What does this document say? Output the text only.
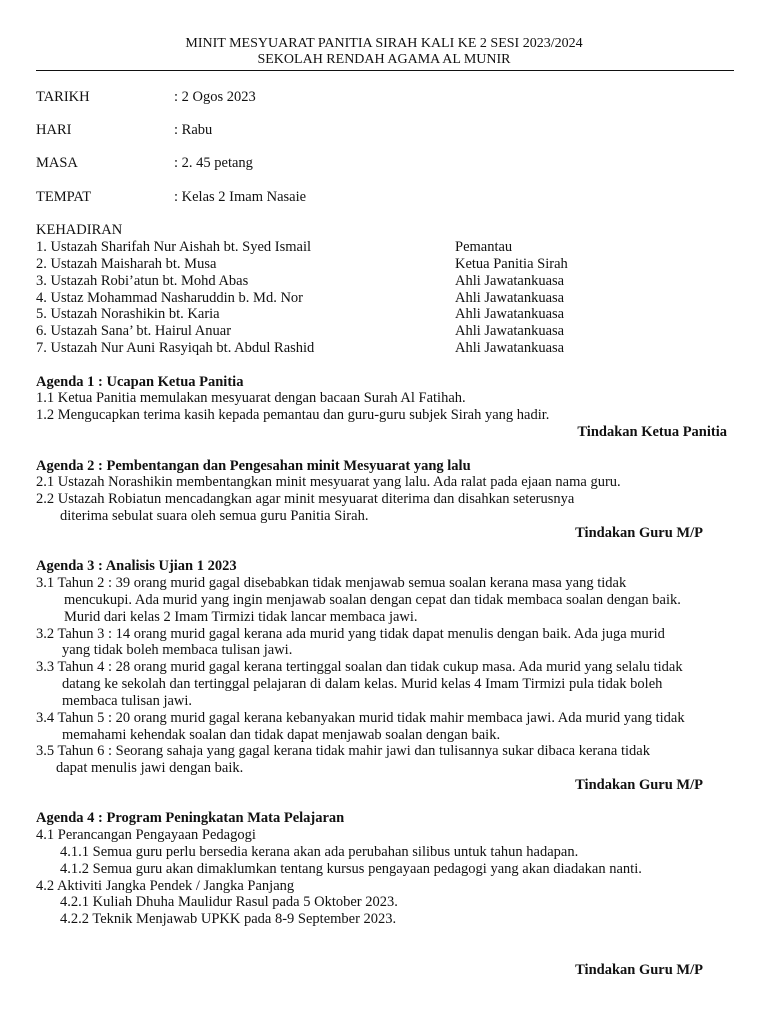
MINIT MESYUARAT PANITIA SIRAH KALI KE 2 SESI 2023/2024
SEKOLAH RENDAH AGAMA AL MUNIR
TARIKH	: 2 Ogos 2023
HARI	: Rabu
MASA	: 2. 45 petang
TEMPAT	: Kelas 2 Imam Nasaie
KEHADIRAN
1. Ustazah Sharifah Nur Aishah bt. Syed Ismail	Pemantau
2. Ustazah Maisharah bt. Musa	Ketua Panitia Sirah
3. Ustazah Robi’atun bt. Mohd Abas	Ahli Jawatankuasa
4. Ustaz Mohammad Nasharuddin b. Md. Nor	Ahli Jawatankuasa
5. Ustazah Norashikin bt. Karia	Ahli Jawatankuasa
6. Ustazah Sana’ bt. Hairul Anuar	Ahli Jawatankuasa
7. Ustazah Nur Auni Rasyiqah bt. Abdul Rashid	Ahli Jawatankuasa
Agenda 1 : Ucapan Ketua Panitia
1.1 Ketua Panitia memulakan mesyuarat dengan bacaan Surah Al Fatihah.
1.2 Mengucapkan terima kasih kepada pemantau dan guru-guru subjek Sirah yang hadir.
Tindakan Ketua Panitia
Agenda 2 : Pembentangan dan Pengesahan minit Mesyuarat yang lalu
2.1 Ustazah Norashikin membentangkan minit mesyuarat yang lalu. Ada ralat pada ejaan nama guru.
2.2 Ustazah Robiatun mencadangkan agar minit mesyuarat diterima dan disahkan seterusnya
diterima sebulat suara oleh semua guru Panitia Sirah.
Tindakan Guru M/P
Agenda 3 : Analisis Ujian 1 2023
3.1 Tahun 2 : 39 orang murid gagal disebabkan tidak menjawab semua soalan kerana masa yang tidak
mencukupi. Ada murid yang ingin menjawab soalan dengan cepat dan tidak membaca soalan dengan baik.
Murid dari kelas 2 Imam Tirmizi tidak lancar membaca jawi.
3.2 Tahun 3 : 14 orang murid gagal kerana ada murid yang tidak dapat menulis dengan baik. Ada juga murid
yang tidak boleh membaca tulisan jawi.
3.3 Tahun 4 : 28 orang murid gagal kerana tertinggal soalan dan tidak cukup masa. Ada murid yang selalu tidak
datang ke sekolah dan tertinggal pelajaran di dalam kelas. Murid kelas 4 Imam Tirmizi pula tidak boleh
membaca tulisan jawi.
3.4 Tahun 5 : 20 orang murid gagal kerana kebanyakan murid tidak mahir membaca jawi. Ada murid yang tidak
memahami kehendak soalan dan tidak dapat menjawab soalan dengan baik.
3.5 Tahun 6 : Seorang sahaja yang gagal kerana tidak mahir jawi dan tulisannya sukar dibaca kerana tidak
dapat menulis jawi dengan baik.
Tindakan Guru M/P
Agenda 4 : Program Peningkatan Mata Pelajaran
4.1 Perancangan Pengayaan Pedagogi
4.1.1 Semua guru perlu bersedia kerana akan ada perubahan silibus untuk tahun hadapan.
4.1.2 Semua guru akan dimaklumkan tentang kursus pengayaan pedagogi yang akan diadakan nanti.
4.2 Aktiviti Jangka Pendek / Jangka Panjang
4.2.1 Kuliah Dhuha Maulidur Rasul pada 5 Oktober 2023.
4.2.2 Teknik Menjawab UPKK pada 8-9 September 2023.
Tindakan Guru M/P
